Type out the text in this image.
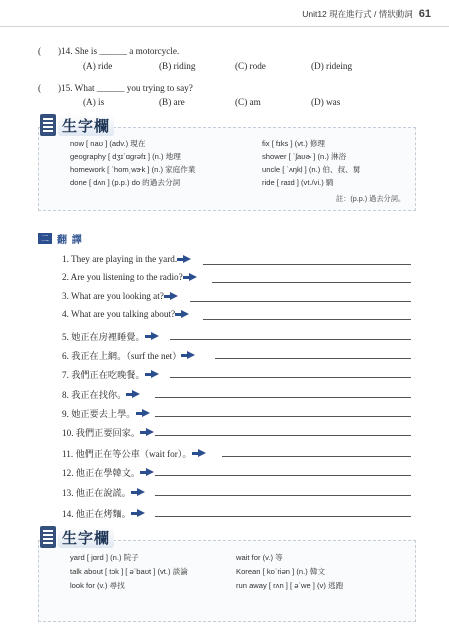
Unit12 現在進行式 / 情狀動詞 61
( )14. She is ______ a motorcycle.
(A) ride	(B) riding	(C) rode	(D) rideing
( )15. What ______ you trying to say?
(A) is	(B) are	(C) am	(D) was
生字欄
now [ naʊ ] (adv.) 現在
geography [ dʒɪˋɑgrəfɪ ] (n.) 地理
homework [ ˋhom͵wɝk ] (n.) 家庭作業
done [ dʌn ] (p.p.) do 的過去分詞
fix [ fɪks ] (vt.) 修理
shower [ ˋʃaʊɚ ] (n.) 淋浴
uncle [ ˋʌŋkḷ ] (n.) 伯、叔、舅
ride [ raɪd ] (vt./vi.) 騎
註：(p.p.) 過去分詞。
二 翻 譯
1. They are playing in the yard.
2. Are you listening to the radio?
3. What are you looking at?
4. What are you talking about?
5. 她正在房裡睡覺。
6. 我正在上網。（surf the net）
7. 我們正在吃晚餐。
8. 我正在找你。
9. 她正要去上學。
10. 我們正要回家。
11. 他們正在等公車（wait for）。
12. 他正在學韓文。
13. 他正在說謊。
14. 他正在烤麵。
生字欄
yard [ jɑrd ] (n.) 院子
talk about [ tɔk ] [ əˋbaʊt ] (vt.) 談論
look for (v.) 尋找
wait for (v.) 等
Korean [ koˋriən ] (n.) 韓文
run away [ rʌn ] [ əˋwe ] (v) 逃跑
